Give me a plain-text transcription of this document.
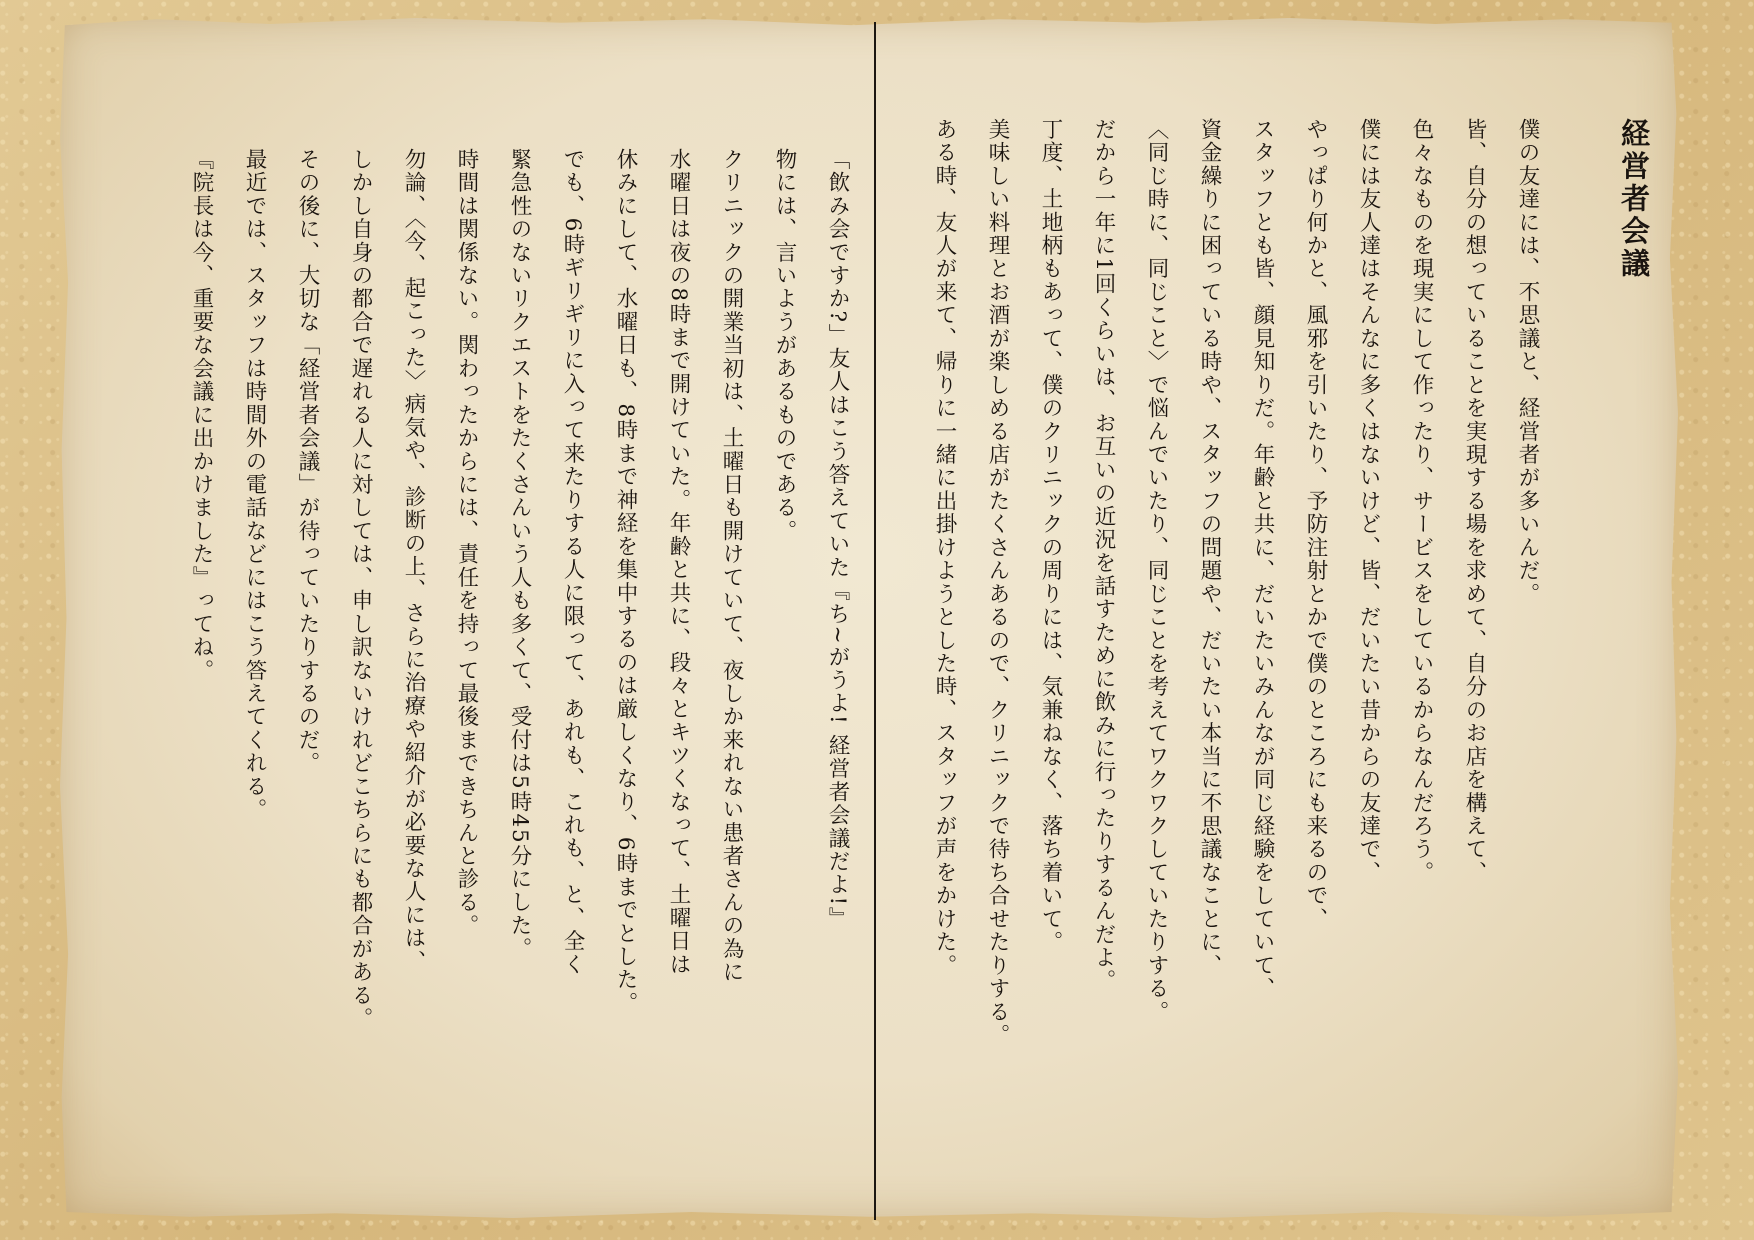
経営者会議

僕の友達には、不思議と、経営者が多いんだ。

皆、自分の想っていることを実現する場を求めて、自分のお店を構えて、

色々なものを現実にして作ったり、サービスをしているからなんだろう。

僕には友人達はそんなに多くはないけど、皆、だいたい昔からの友達で、

やっぱり何かと、風邪を引いたり、予防注射とかで僕のところにも来るので、

スタッフとも皆、顔見知りだ。年齢と共に、だいたいみんなが同じ経験をしていて、

資金繰りに困っている時や、スタッフの問題や、だいたい本当に不思議なことに、

〈同じ時に、同じこと〉で悩んでいたり、同じことを考えてワクワクしていたりする。

だから一年に1回くらいは、お互いの近況を話すために飲みに行ったりするんだよ。

丁度、土地柄もあって、僕のクリニックの周りには、気兼ねなく、落ち着いて。

美味しい料理とお酒が楽しめる店がたくさんあるので、クリニックで待ち合せたりする。

ある時、友人が来て、帰りに一緒に出掛けようとした時、スタッフが声をかけた。

「飲み会ですか?」友人はこう答えていた『ち~がうよ! 経営者会議だよ!』

物には、言いようがあるものである。

クリニックの開業当初は、土曜日も開けていて、夜しか来れない患者さんの為に

水曜日は夜の8時まで開けていた。年齢と共に、段々とキツくなって、土曜日は

休みにして、水曜日も、8時まで神経を集中するのは厳しくなり、6時までとした。

でも、6時ギリギリに入って来たりする人に限って、あれも、これも、と、全く

緊急性のないリクエストをたくさんいう人も多くて、受付は5時45分にした。

時間は関係ない。関わったからには、責任を持って最後まできちんと診る。

勿論、〈今、起こった〉病気や、診断の上、さらに治療や紹介が必要な人には、

しかし自身の都合で遅れる人に対しては、申し訳ないけれどこちらにも都合がある。

その後に、大切な「経営者会議」が待っていたりするのだ。

最近では、スタッフは時間外の電話などにはこう答えてくれる。

『院長は今、重要な会議に出かけました』ってね。
